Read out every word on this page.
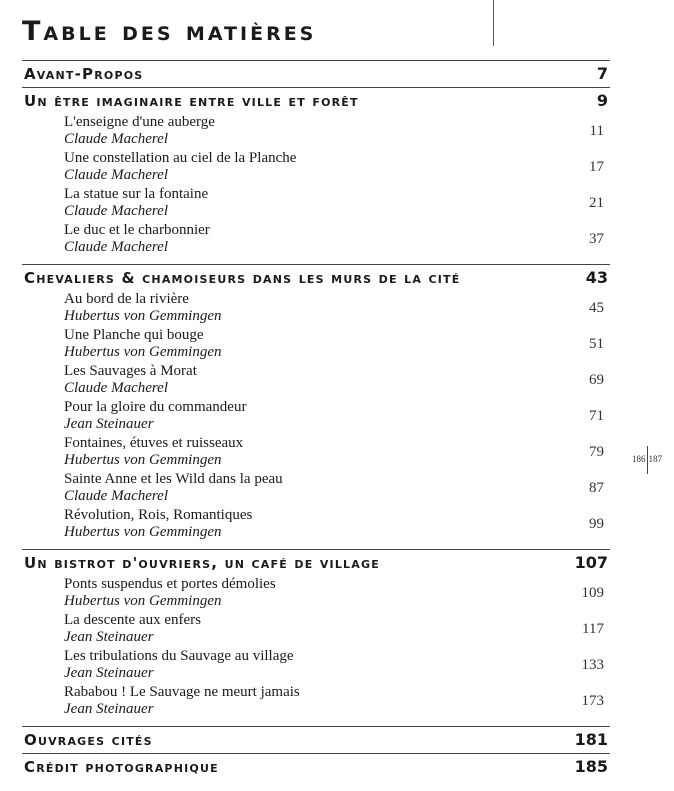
Table des matières
Avant-Propos	7
Un être imaginaire entre ville et forêt	9
L'enseigne d'une auberge
Claude Macherel	11
Une constellation au ciel de la Planche
Claude Macherel	17
La statue sur la fontaine
Claude Macherel	21
Le duc et le charbonnier
Claude Macherel	37
Chevaliers & chamoiseurs dans les murs de la cité	43
Au bord de la rivière
Hubertus von Gemmingen	45
Une Planche qui bouge
Hubertus von Gemmingen	51
Les Sauvages à Morat
Claude Macherel	69
Pour la gloire du commandeur
Jean Steinauer	71
Fontaines, étuves et ruisseaux
Hubertus von Gemmingen	79
Sainte Anne et les Wild dans la peau
Claude Macherel	87
Révolution, Rois, Romantiques
Hubertus von Gemmingen	99
Un bistrot d'ouvriers, un café de village	107
Ponts suspendus et portes démolies
Hubertus von Gemmingen	109
La descente aux enfers
Jean Steinauer	117
Les tribulations du Sauvage au village
Jean Steinauer	133
Rababou ! Le Sauvage ne meurt jamais
Jean Steinauer	173
Ouvrages cités	181
Crédit photographique	185
186 187
